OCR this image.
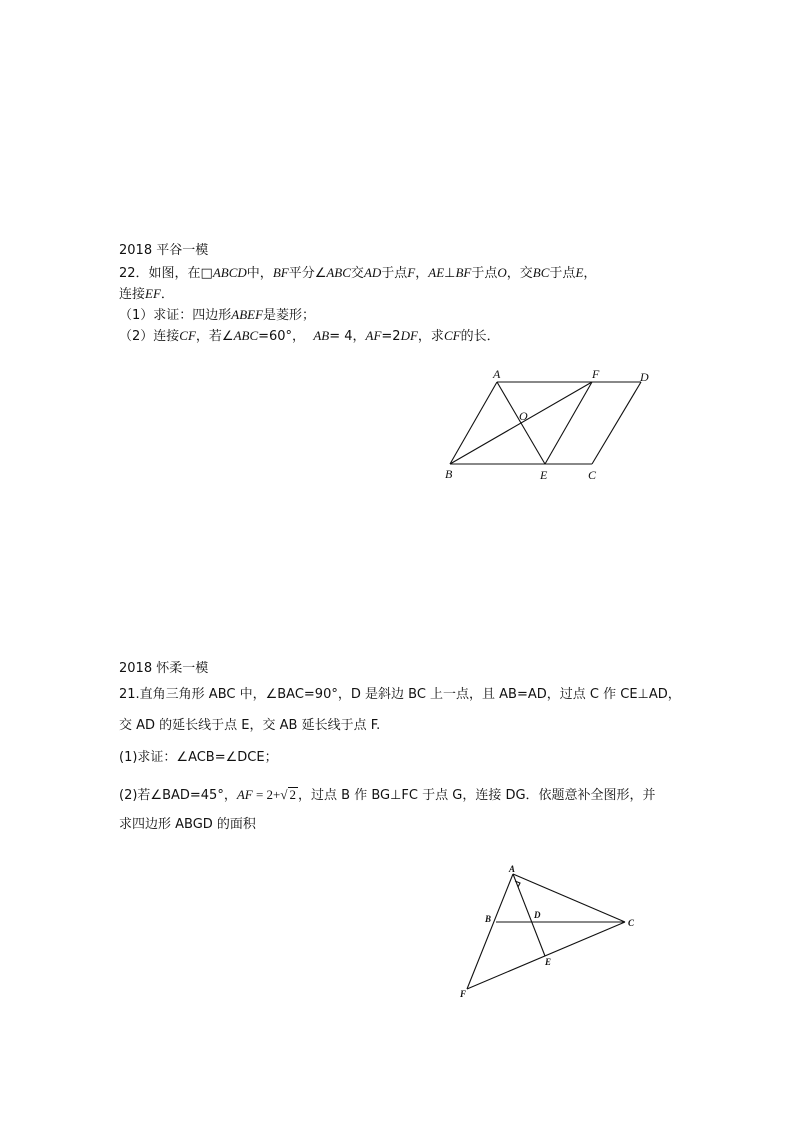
2018 平谷一模
22．如图，在□ABCD中，BF平分∠ABC交AD于点F，AE⊥BF于点O，交BC于点E，
连接EF．
（1）求证：四边形ABEF是菱形；
（2）连接CF，若∠ABC=60°， AB= 4，AF=2DF，求CF的长．
A	F	D
O
B	E	C
2018 怀柔一模
21.直角三角形 ABC 中，∠BAC=90°，D 是斜边 BC 上一点，且 AB=AD，过点 C 作 CE⊥AD，
交 AD 的延长线于点 E，交 AB 延长线于点 F.
(1)求证：∠ACB=∠DCE；
(2)若∠BAD=45°，AF = 2+√ 2 ，过点 B 作 BG⊥FC 于点 G，连接 DG．依题意补全图形，并
求四边形 ABGD 的面积
A
B	D
C
E
F
